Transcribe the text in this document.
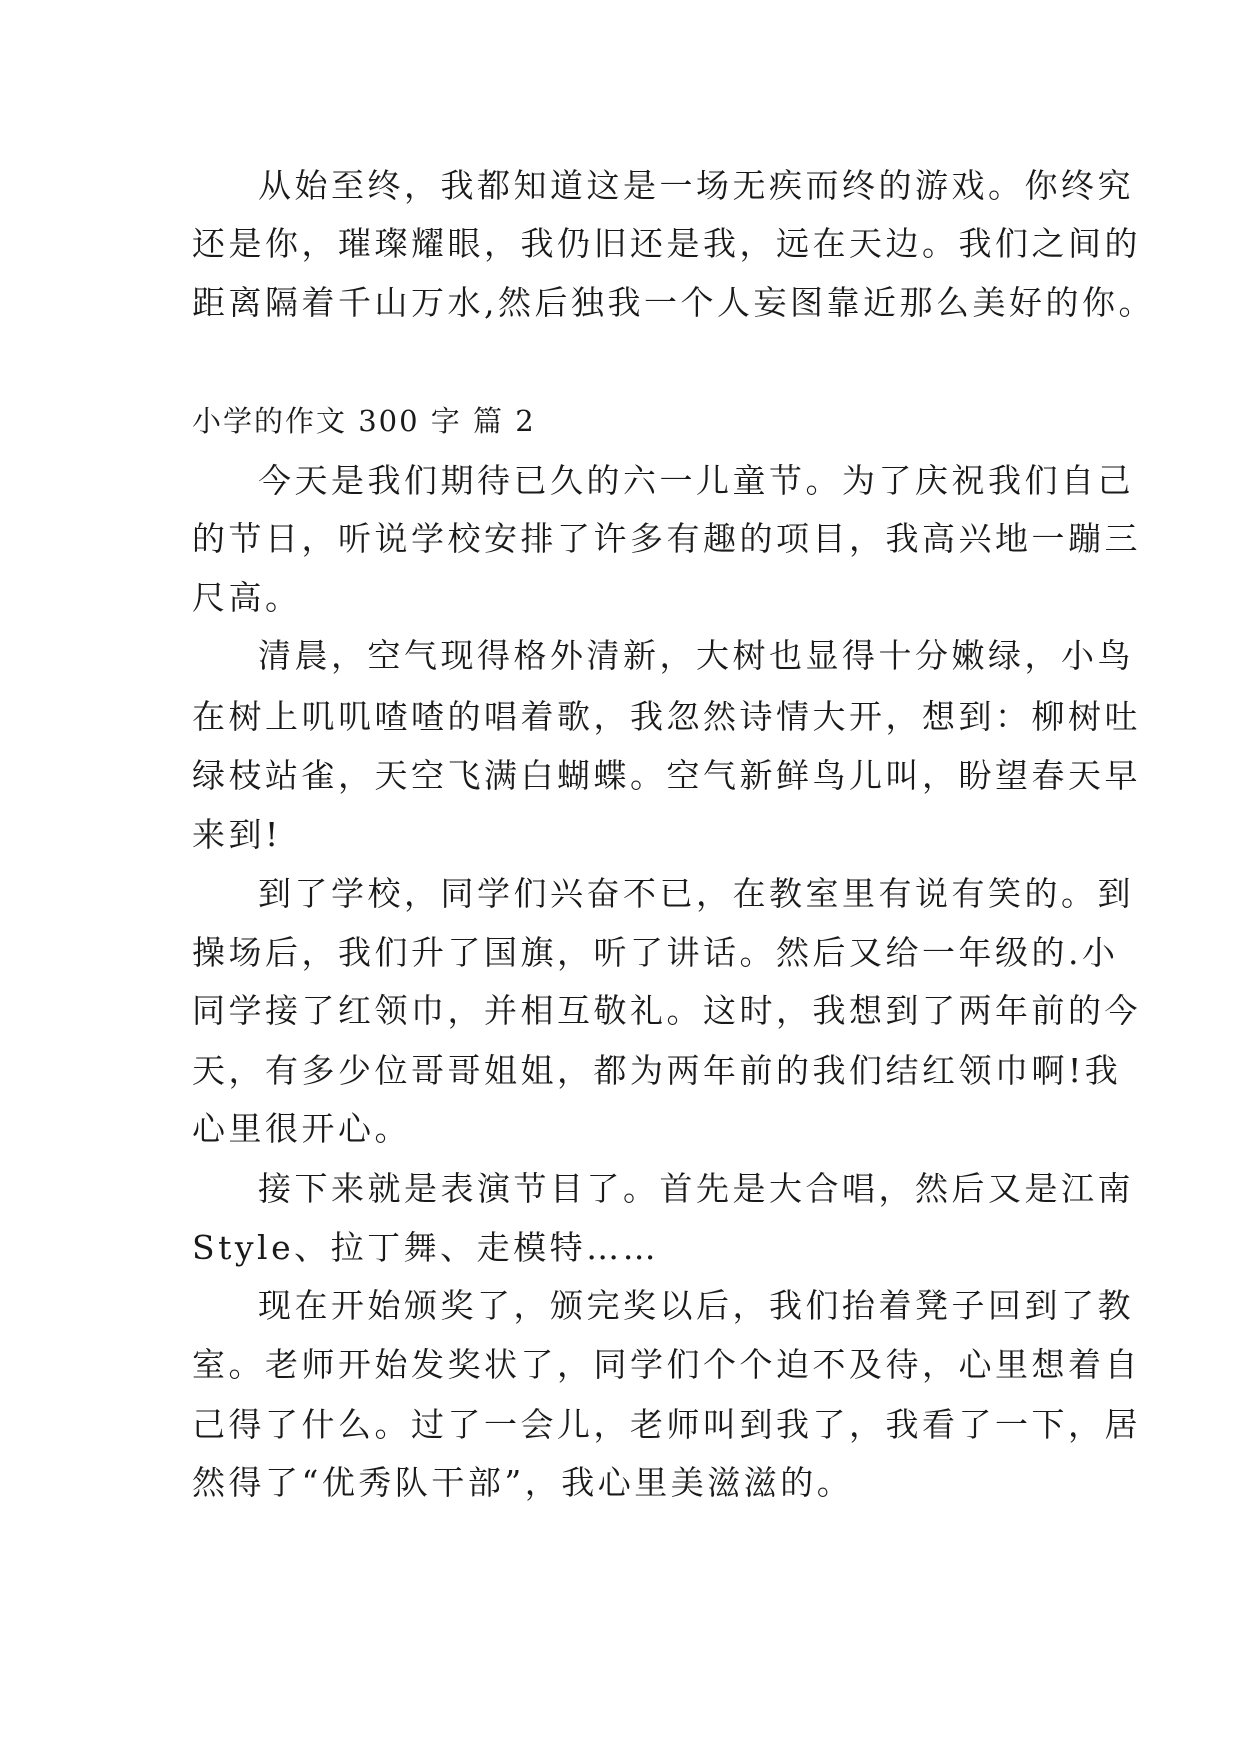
从始至终，我都知道这是一场无疾而终的游戏。你终究
还是你，璀璨耀眼，我仍旧还是我，远在天边。我们之间的
距离隔着千山万水,然后独我一个人妄图靠近那么美好的你。
小学的作文 300 字 篇 2
今天是我们期待已久的六一儿童节。为了庆祝我们自己
的节日，听说学校安排了许多有趣的项目，我高兴地一蹦三
尺高。
清晨，空气现得格外清新，大树也显得十分嫩绿，小鸟
在树上叽叽喳喳的唱着歌，我忽然诗情大开，想到：柳树吐
绿枝站雀，天空飞满白蝴蝶。空气新鲜鸟儿叫，盼望春天早
来到!
到了学校，同学们兴奋不已，在教室里有说有笑的。到
操场后，我们升了国旗，听了讲话。然后又给一年级的.小
同学接了红领巾，并相互敬礼。这时，我想到了两年前的今
天，有多少位哥哥姐姐，都为两年前的我们结红领巾啊!我
心里很开心。
接下来就是表演节目了。首先是大合唱，然后又是江南
Style、拉丁舞、走模特……
现在开始颁奖了，颁完奖以后，我们抬着凳子回到了教
室。老师开始发奖状了，同学们个个迫不及待，心里想着自
己得了什么。过了一会儿，老师叫到我了，我看了一下，居
然得了“优秀队干部”，我心里美滋滋的。
